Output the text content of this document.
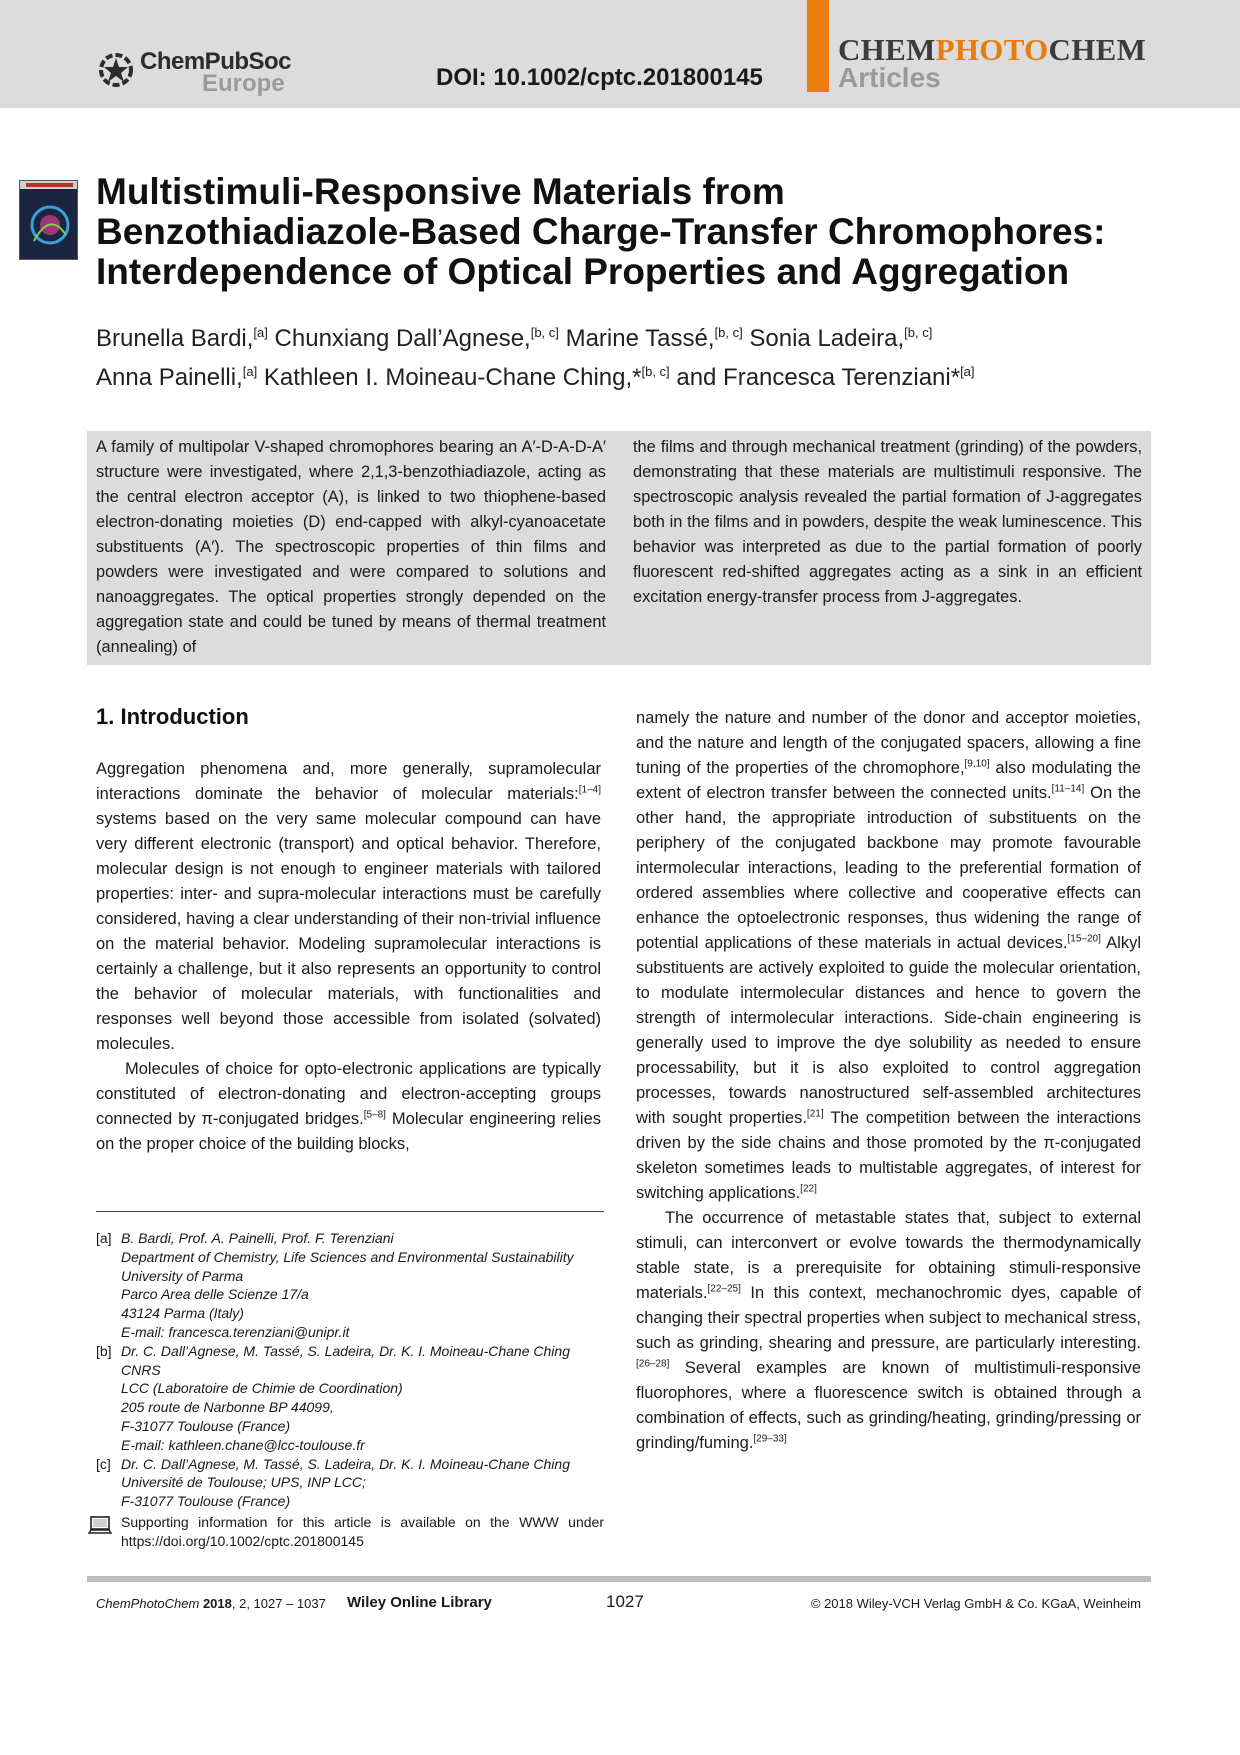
ChemPubSoc
Europe	DOI: 10.1002/cptc.201800145
CHEMPHOTOCHEM
Articles
Multistimuli-Responsive Materials from
Benzothiadiazole-Based Charge-Transfer Chromophores:
Interdependence of Optical Properties and Aggregation
Brunella Bardi,[a] Chunxiang Dall’Agnese,[b, c] Marine Tassé,[b, c] Sonia Ladeira,[b, c]
Anna Painelli,[a] Kathleen I. Moineau-Chane Ching,*[b, c] and Francesca Terenziani*[a]
A family of multipolar V-shaped chromophores bearing an A′-D-A-D-A′ structure were investigated, where 2,1,3-benzothiadiazole, acting as the central electron acceptor (A), is linked to two thiophene-based electron-donating moieties (D) end-capped with alkyl-cyanoacetate substituents (A′). The spectroscopic properties of thin films and powders were investigated and were compared to solutions and nanoaggregates. The optical properties strongly depended on the aggregation state and could be tuned by means of thermal treatment (annealing) of
the films and through mechanical treatment (grinding) of the powders, demonstrating that these materials are multistimuli responsive. The spectroscopic analysis revealed the partial formation of J-aggregates both in the films and in powders, despite the weak luminescence. This behavior was interpreted as due to the partial formation of poorly fluorescent red-shifted aggregates acting as a sink in an efficient excitation energy-transfer process from J-aggregates.
1. Introduction

Aggregation phenomena and, more generally, supramolecular interactions dominate the behavior of molecular materials:[1–4] systems based on the very same molecular compound can have very different electronic (transport) and optical behavior. Therefore, molecular design is not enough to engineer materials with tailored properties: inter- and supra-molecular interactions must be carefully considered, having a clear understanding of their non-trivial influence on the material behavior. Modeling supramolecular interactions is certainly a challenge, but it also represents an opportunity to control the behavior of molecular materials, with functionalities and responses well beyond those accessible from isolated (solvated) molecules.

Molecules of choice for opto-electronic applications are typically constituted of electron-donating and electron-accepting groups connected by π-conjugated bridges.[5–8] Molecular engineering relies on the proper choice of the building blocks,

namely the nature and number of the donor and acceptor moieties, and the nature and length of the conjugated spacers, allowing a fine tuning of the properties of the chromophore,[9,10] also modulating the extent of electron transfer between the connected units.[11–14] On the other hand, the appropriate introduction of substituents on the periphery of the conjugated backbone may promote favourable intermolecular interactions, leading to the preferential formation of ordered assemblies where collective and cooperative effects can enhance the optoelectronic responses, thus widening the range of potential applications of these materials in actual devices.[15–20] Alkyl substituents are actively exploited to guide the molecular orientation, to modulate intermolecular distances and hence to govern the strength of intermolecular interactions. Side-chain engineering is generally used to improve the dye solubility as needed to ensure processability, but it is also exploited to control aggregation processes, towards nanostructured self-assembled architectures with sought properties.[21] The competition between the interactions driven by the side chains and those promoted by the π-conjugated skeleton sometimes leads to multistable aggregates, of interest for switching applications.[22]

The occurrence of metastable states that, subject to external stimuli, can interconvert or evolve towards the thermodynamically stable state, is a prerequisite for obtaining stimuli-responsive materials.[22–25] In this context, mechanochromic dyes, capable of changing their spectral properties when subject to mechanical stress, such as grinding, shearing and pressure, are particularly interesting.[26–28] Several examples are known of multistimuli-responsive fluorophores, where a fluorescence switch is obtained through a combination of effects, such as grinding/heating, grinding/pressing or grinding/fuming.[29–33]

[a] B. Bardi, Prof. A. Painelli, Prof. F. Terenziani
Department of Chemistry, Life Sciences and Environmental Sustainability
University of Parma
Parco Area delle Scienze 17/a
43124 Parma (Italy)
E-mail: francesca.terenziani@unipr.it
[b] Dr. C. Dall’Agnese, M. Tassé, S. Ladeira, Dr. K. I. Moineau-Chane Ching
CNRS
LCC (Laboratoire de Chimie de Coordination)
205 route de Narbonne BP 44099,
F-31077 Toulouse (France)
E-mail: kathleen.chane@lcc-toulouse.fr
[c] Dr. C. Dall’Agnese, M. Tassé, S. Ladeira, Dr. K. I. Moineau-Chane Ching
Université de Toulouse; UPS, INP LCC;
F-31077 Toulouse (France)
Supporting information for this article is available on the WWW under https://doi.org/10.1002/cptc.201800145
ChemPhotoChem 2018, 2, 1027 – 1037 Wiley Online Library	1027	© 2018 Wiley-VCH Verlag GmbH & Co. KGaA, Weinheim
